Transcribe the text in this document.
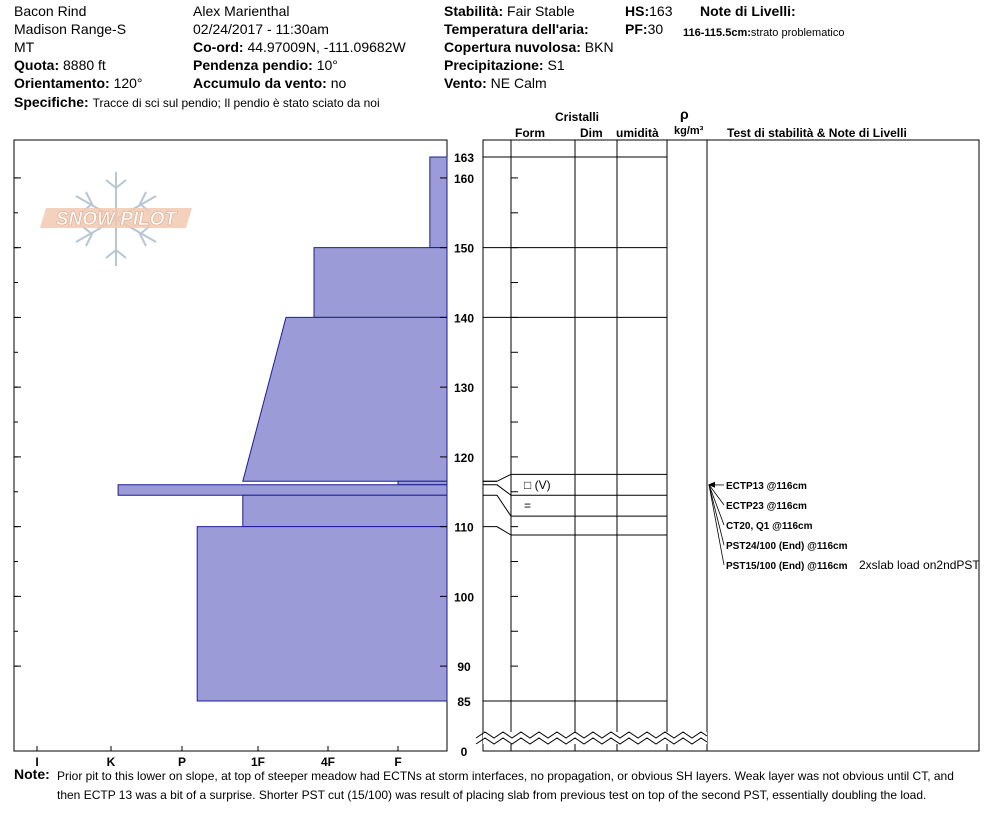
Bacon Rind
Madison Range-S
MT
Quota: 8880 ft
Orientamento: 120°
Specifiche: Tracce di sci sul pendio; Il pendio è stato sciato da noi
Alex Marienthal
02/24/2017 - 11:30am
Co-ord: 44.97009N, -111.09682W
Pendenza pendio: 10°
Accumulo da vento: no
Stabilità: Fair Stable
Temperatura dell'aria:
Copertura nuvolosa: BKN
Precipitazione: S1
Vento: NE Calm
HS:163
PF:30
Note di Livelli:
116-115.5cm:strato problematico
Cristalli
Form	Dim umidità
ρ
kg/m³ Test di stabilità & Note di Livelli
SNOW PILOT
I	K	P	1F	4F	F
0
85
90
100
110
120
130
140
150
160
163
□ (V)
=
ECTP13 @116cm
ECTP23 @116cm
CT20, Q1 @116cm
PST24/100 (End) @116cm
PST15/100 (End) @116cm 2xslab load on2ndPST
Note: Prior pit to this lower on slope, at top of steeper meadow had ECTNs at storm interfaces, no propagation, or obvious SH layers. Weak layer was not obvious until CT, and
then ECTP 13 was a bit of a surprise. Shorter PST cut (15/100) was result of placing slab from previous test on top of the second PST, essentially doubling the load.
